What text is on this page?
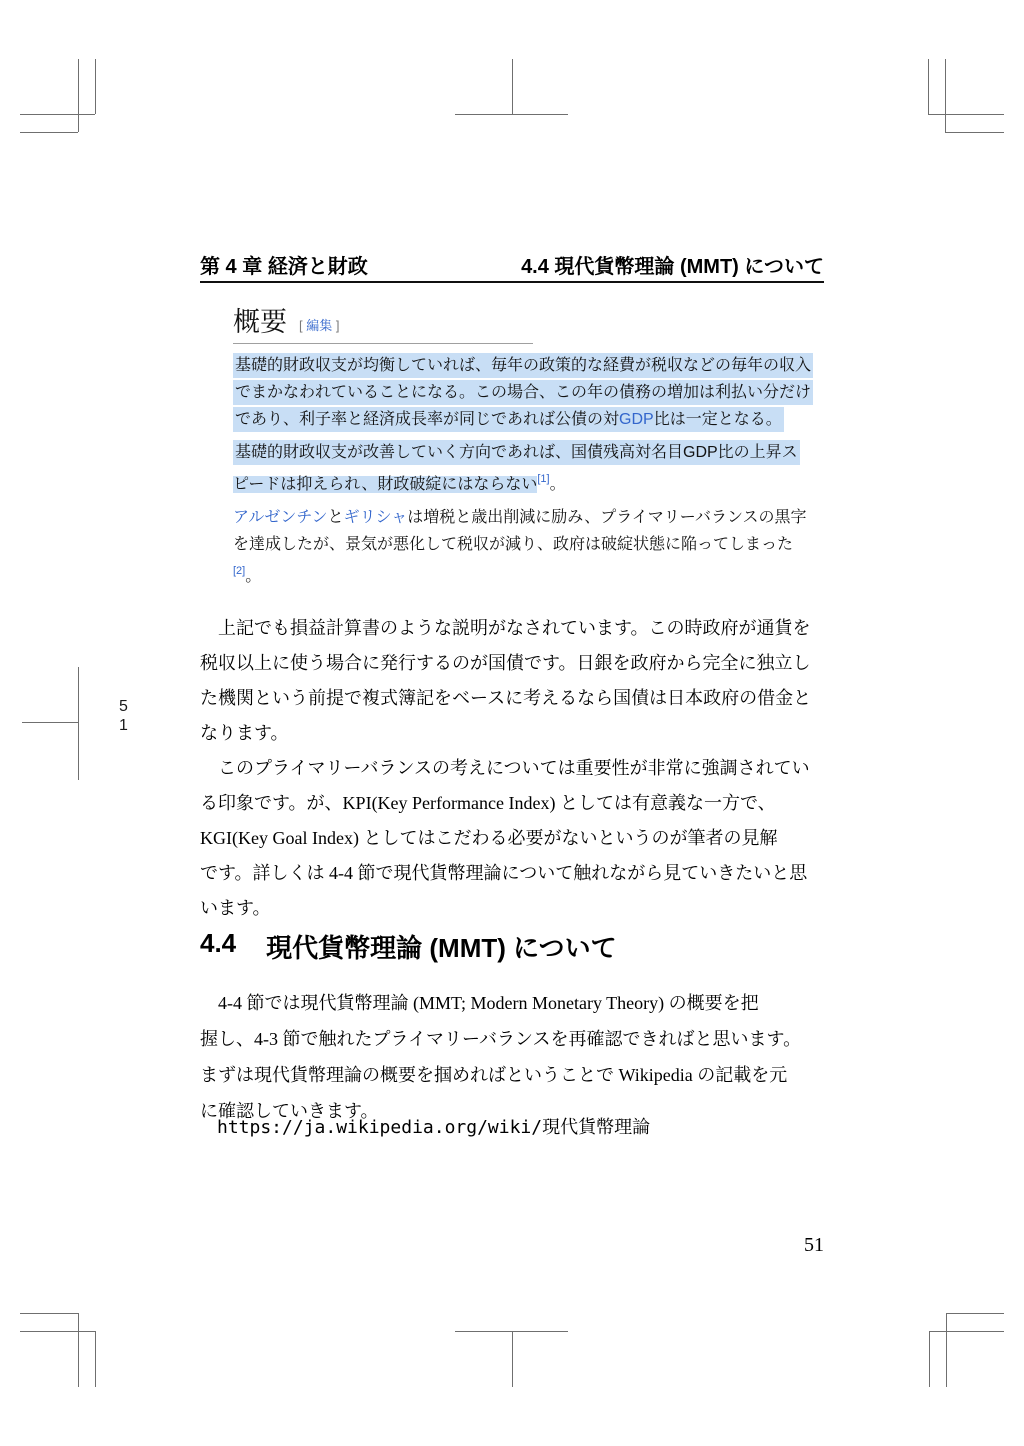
5
1
第 4 章 経済と財政	4.4 現代貨幣理論 (MMT) について
概要 [ 編集 ]
基礎的財政収支が均衡していれば、毎年の政策的な経費が税収などの毎年の収入
でまかなわれていることになる。この場合、この年の債務の増加は利払い分だけ
であり、利子率と経済成長率が同じであれば公債の対GDP比は一定となる。
基礎的財政収支が改善していく方向であれば、国債残高対名目GDP比の上昇ス
ピードは抑えられ、財政破綻にはならない[1]。
アルゼンチンとギリシャは増税と歳出削減に励み、プライマリーバランスの黒字
を達成したが、景気が悪化して税収が減り、政府は破綻状態に陥ってしまった
[2]。
上記でも損益計算書のような説明がなされています。この時政府が通貨を
税収以上に使う場合に発行するのが国債です。日銀を政府から完全に独立し
た機関という前提で複式簿記をベースに考えるなら国債は日本政府の借金と
なります。
このプライマリーバランスの考えについては重要性が非常に強調されてい
る印象です。が、KPI(Key Performance Index) としては有意義な一方で、
KGI(Key Goal Index) としてはこだわる必要がないというのが筆者の見解
です。詳しくは 4-4 節で現代貨幣理論について触れながら見ていきたいと思
います。
4.4 現代貨幣理論 (MMT) について
4-4 節では現代貨幣理論 (MMT; Modern Monetary Theory) の概要を把
握し、4-3 節で触れたプライマリーバランスを再確認できればと思います。
まずは現代貨幣理論の概要を掴めればということで Wikipedia の記載を元
に確認していきます。
https://ja.wikipedia.org/wiki/現代貨幣理論
51
